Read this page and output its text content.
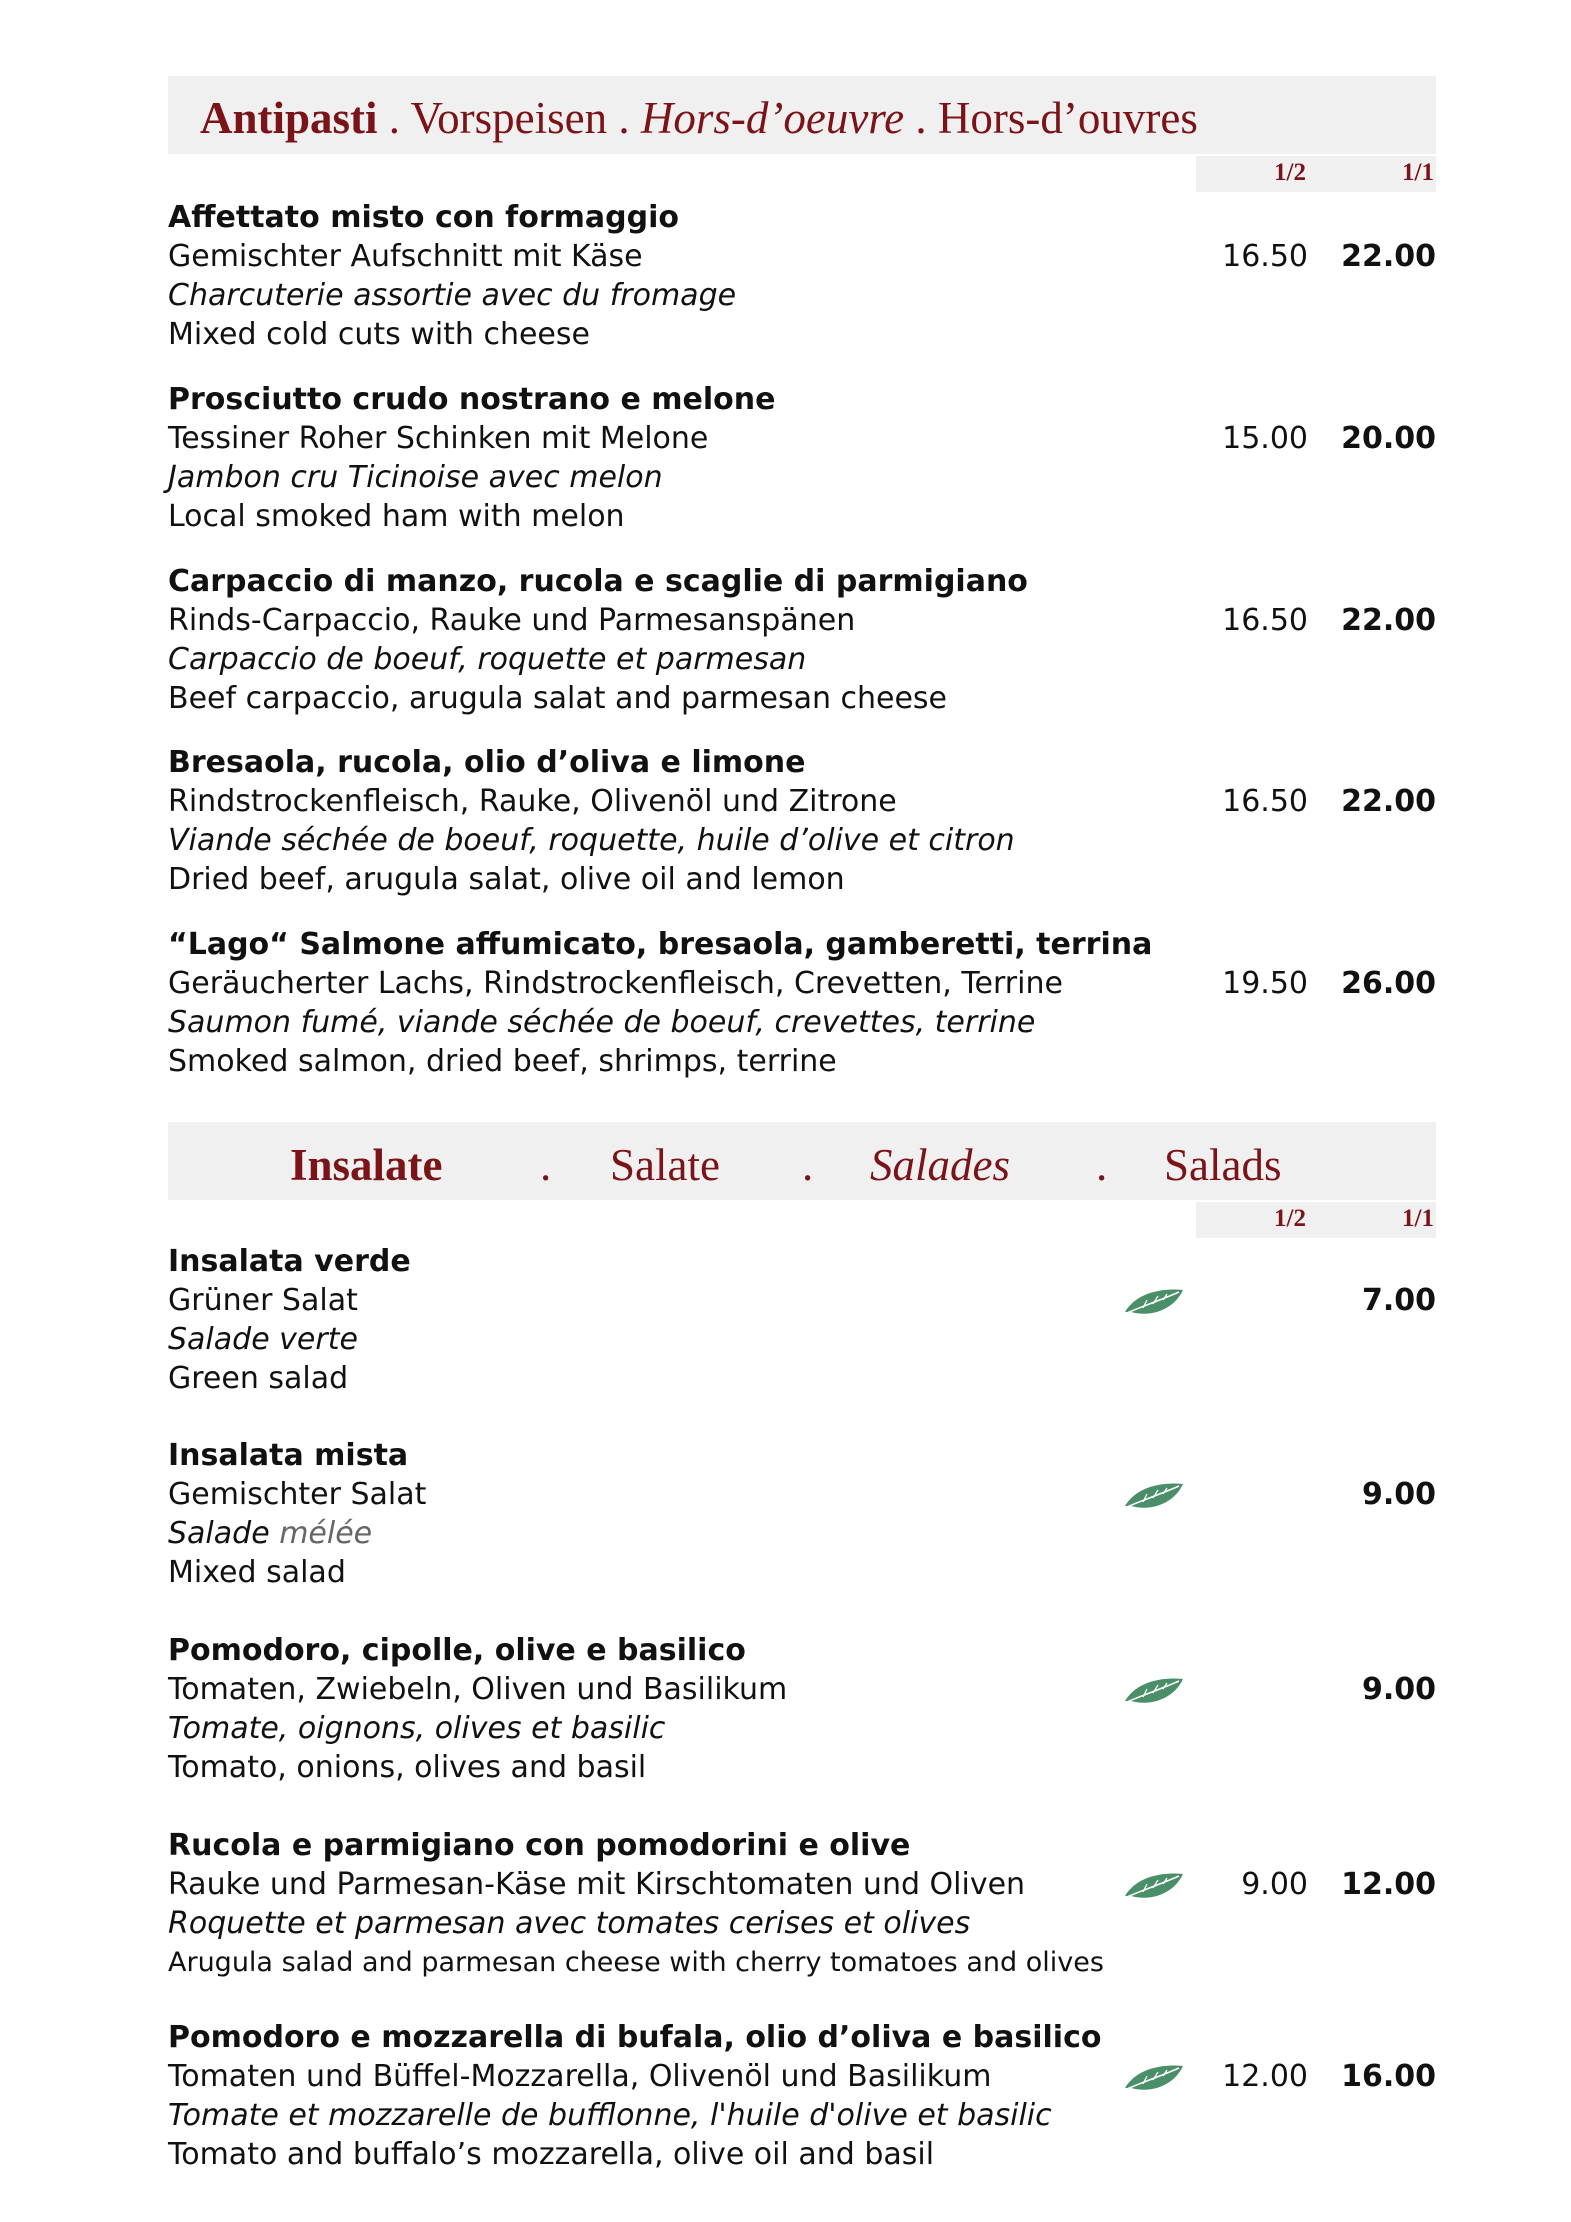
Antipasti . Vorspeisen . Hors-d’oeuvre . Hors-d’ouvres
1/2	1/1
Affettato misto con formaggio
Gemischter Aufschnitt mit Käse
Charcuterie assortie avec du fromage
Mixed cold cuts with cheese
16.50 22.00
Prosciutto crudo nostrano e melone
Tessiner Roher Schinken mit Melone
Jambon cru Ticinoise avec melon
Local smoked ham with melon
15.00 20.00
Carpaccio di manzo, rucola e scaglie di parmigiano
Rinds-Carpaccio, Rauke und Parmesanspänen
Carpaccio de boeuf, roquette et parmesan
Beef carpaccio, arugula salat and parmesan cheese
16.50 22.00
Bresaola, rucola, olio d’oliva e limone
Rindstrockenfleisch, Rauke, Olivenöl und Zitrone
Viande séchée de boeuf, roquette, huile d’olive et citron
Dried beef, arugula salat, olive oil and lemon
16.50 22.00
“Lago“ Salmone affumicato, bresaola, gamberetti, terrina
Geräucherter Lachs, Rindstrockenfleisch, Crevetten, Terrine
Saumon fumé, viande séchée de boeuf, crevettes, terrine
Smoked salmon, dried beef, shrimps, terrine
19.50 26.00
Insalate . Salate . Salades . Salads
1/2	1/1
Insalata verde
Grüner Salat
Salade verte
Green salad
7.00
Insalata mista
Gemischter Salat
Salade mélée
Mixed salad
9.00
Pomodoro, cipolle, olive e basilico
Tomaten, Zwiebeln, Oliven und Basilikum
Tomate, oignons, olives et basilic
Tomato, onions, olives and basil
9.00
Rucola e parmigiano con pomodorini e olive
Rauke und Parmesan-Käse mit Kirschtomaten und Oliven
Roquette et parmesan avec tomates cerises et olives
Arugula salad and parmesan cheese with cherry tomatoes and olives
9.00 12.00
Pomodoro e mozzarella di bufala, olio d’oliva e basilico
Tomaten und Büffel-Mozzarella, Olivenöl und Basilikum
Tomate et mozzarelle de bufflonne, l'huile d'olive et basilic
Tomato and buffalo’s mozzarella, olive oil and basil
12.00 16.00
